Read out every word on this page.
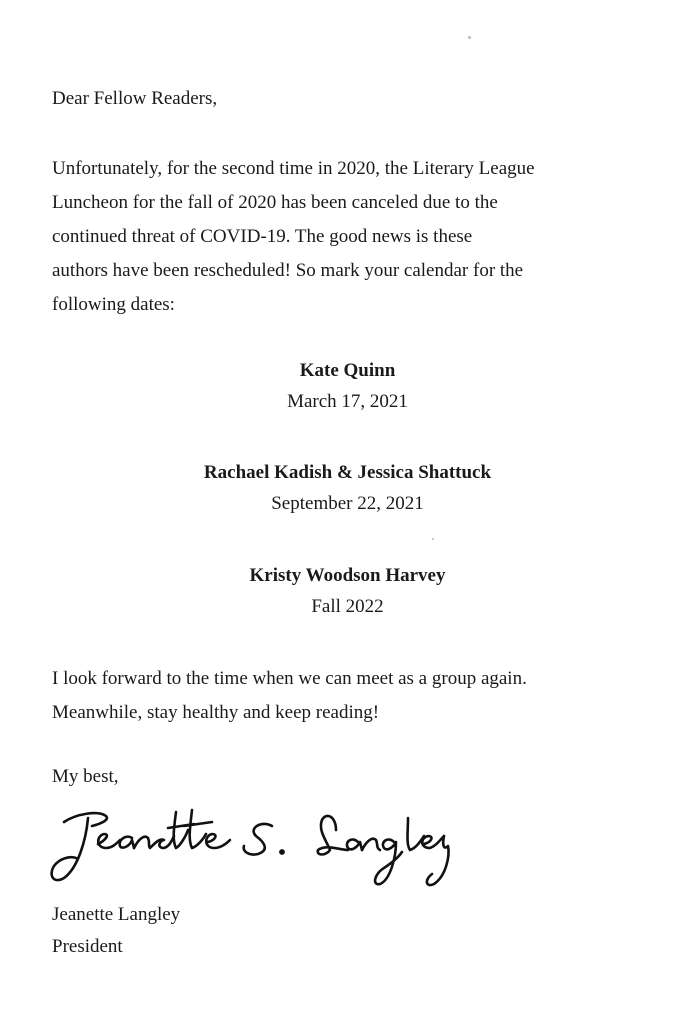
Dear Fellow Readers,
Unfortunately, for the second time in 2020, the Literary League
Luncheon for the fall of 2020 has been canceled due to the
continued threat of COVID-19. The good news is these
authors have been rescheduled! So mark your calendar for the
following dates:
Kate Quinn
March 17, 2021
Rachael Kadish & Jessica Shattuck
September 22, 2021
Kristy Woodson Harvey
Fall 2022
I look forward to the time when we can meet as a group again.
Meanwhile, stay healthy and keep reading!
My best,
Jeanette Langley
President
